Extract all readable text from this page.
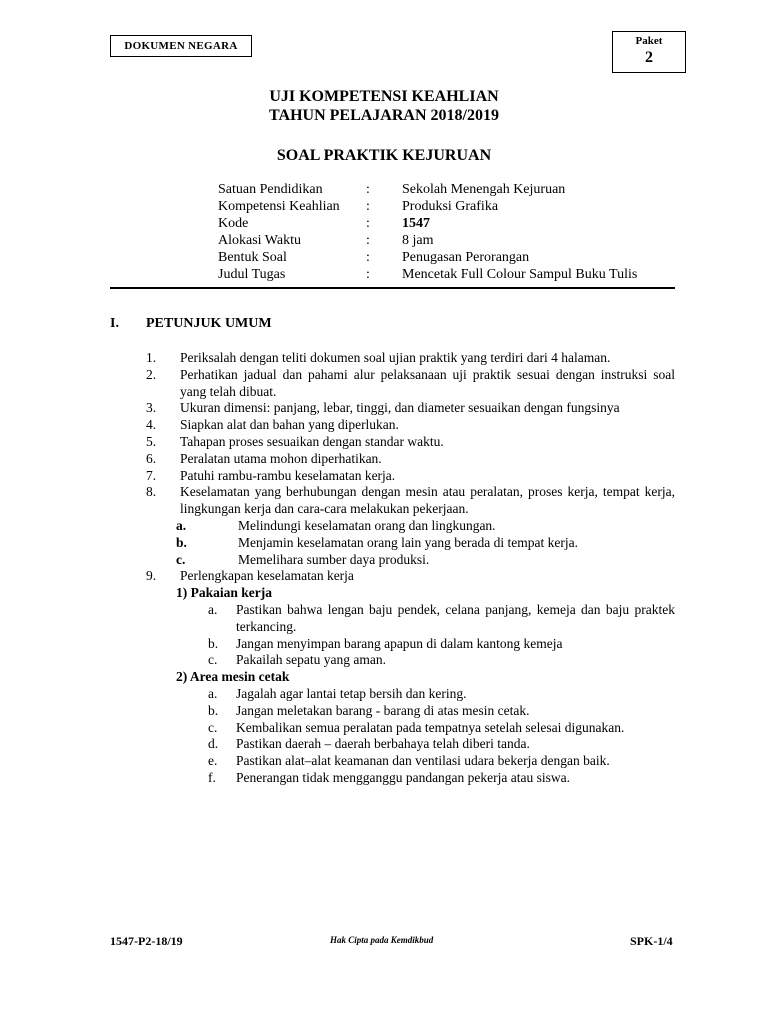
DOKUMEN NEGARA	Paket
2
UJI KOMPETENSI KEAHLIAN
TAHUN PELAJARAN 2018/2019
SOAL PRAKTIK KEJURUAN
Satuan Pendidikan	:	Sekolah Menengah Kejuruan
Kompetensi Keahlian	:	Produksi Grafika
Kode	:	1547
Alokasi Waktu	:	8 jam
Bentuk Soal	:	Penugasan Perorangan
Judul Tugas	:	Mencetak Full Colour Sampul Buku Tulis
I.	PETUNJUK UMUM
1.	Periksalah dengan teliti dokumen soal ujian praktik yang terdiri dari 4 halaman.
2.	Perhatikan jadual dan pahami alur pelaksanaan uji praktik sesuai dengan instruksi soal yang telah dibuat.
3.	Ukuran dimensi: panjang, lebar, tinggi, dan diameter sesuaikan dengan fungsinya
4.	Siapkan alat dan bahan yang diperlukan.
5.	Tahapan proses sesuaikan dengan standar waktu.
6.	Peralatan utama mohon diperhatikan.
7.	Patuhi rambu-rambu keselamatan kerja.
8.	Keselamatan yang berhubungan dengan mesin atau peralatan, proses kerja, tempat kerja, lingkungan kerja dan cara-cara melakukan pekerjaan.
a.	Melindungi keselamatan orang dan lingkungan.
b.	Menjamin keselamatan orang lain yang berada di tempat kerja.
c.	Memelihara sumber daya produksi.
9.	Perlengkapan keselamatan kerja
1) Pakaian kerja
a.	Pastikan bahwa lengan baju pendek, celana panjang, kemeja dan baju praktek terkancing.
b.	Jangan menyimpan barang apapun di dalam kantong kemeja
c.	Pakailah sepatu yang aman.
2) Area mesin cetak
a.	Jagalah agar lantai tetap bersih dan kering.
b.	Jangan meletakan barang - barang di atas mesin cetak.
c.	Kembalikan semua peralatan pada tempatnya setelah selesai digunakan.
d.	Pastikan daerah – daerah berbahaya telah diberi tanda.
e.	Pastikan alat–alat keamanan dan ventilasi udara bekerja dengan baik.
f.	Penerangan tidak mengganggu pandangan pekerja atau siswa.
1547-P2-18/19	Hak Cipta pada Kemdikbud	SPK-1/4
